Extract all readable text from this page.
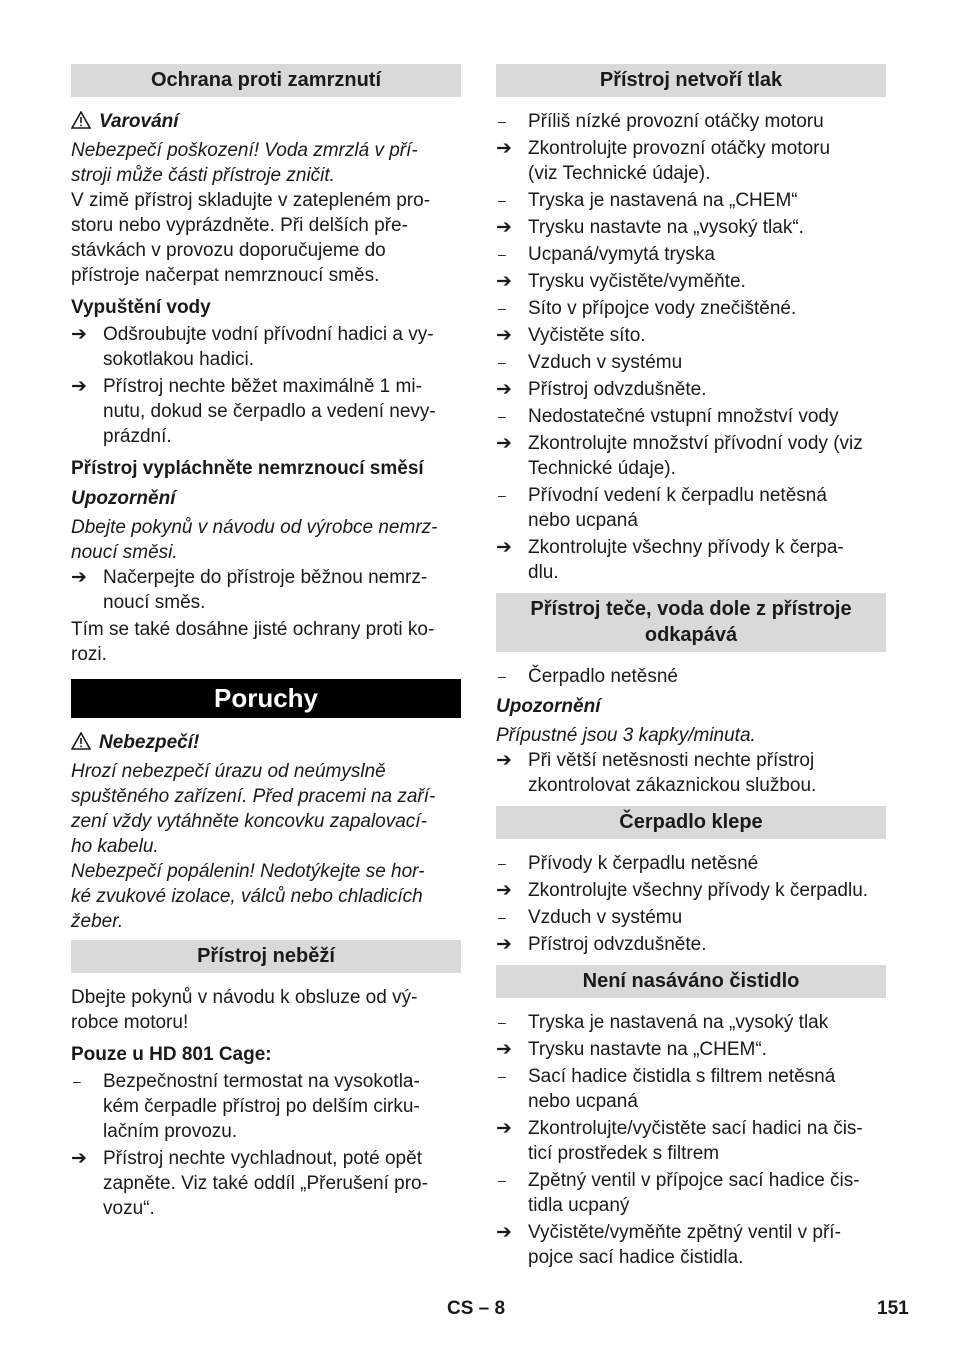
Ochrana proti zamrznutí
Varování
Nebezpečí poškození! Voda zmrzlá v pří-
stroji může části přístroje zničit.
V zimě přístroj skladujte v zatepleném pro-
storu nebo vyprázdněte. Při delších pře-
stávkách v provozu doporučujeme do
přístroje načerpat nemrznoucí směs.
Vypuštění vody
➔ Odšroubujte vodní přívodní hadici a vy-
sokotlakou hadici.
➔ Přístroj nechte běžet maximálně 1 mi-
nutu, dokud se čerpadlo a vedení nevy-
prázdní.
Přístroj vypláchněte nemrznoucí směsí
Upozornění
Dbejte pokynů v návodu od výrobce nemrz-
noucí směsi.
➔ Načerpejte do přístroje běžnou nemrz-
noucí směs.
Tím se také dosáhne jisté ochrany proti ko-
rozi.
Poruchy
Nebezpečí!
Hrozí nebezpečí úrazu od neúmyslně
spuštěného zařízení. Před pracemi na zaří-
zení vždy vytáhněte koncovku zapalovací-
ho kabelu.
Nebezpečí popálenin! Nedotýkejte se hor-
ké zvukové izolace, válců nebo chladicích
žeber.
Přístroj neběží
Dbejte pokynů v návodu k obsluze od vý-
robce motoru!
Pouze u HD 801 Cage:
–	Bezpečnostní termostat na vysokotla-
kém čerpadle přístroj po delším cirku-
lačním provozu.
➔ Přístroj nechte vychladnout, poté opět
zapněte. Viz také oddíl „Přerušení pro-
vozu“.
Přístroj netvoří tlak
–	Příliš nízké provozní otáčky motoru
➔ Zkontrolujte provozní otáčky motoru
(viz Technické údaje).
–	Tryska je nastavená na „CHEM“
➔ Trysku nastavte na „vysoký tlak“.
–	Ucpaná/vymytá tryska
➔ Trysku vyčistěte/vyměňte.
–	Síto v přípojce vody znečištěné.
➔ Vyčistěte síto.
–	Vzduch v systému
➔ Přístroj odvzdušněte.
–	Nedostatečné vstupní množství vody
➔ Zkontrolujte množství přívodní vody (viz
Technické údaje).
–	Přívodní vedení k čerpadlu netěsná
nebo ucpaná
➔ Zkontrolujte všechny přívody k čerpa-
dlu.
Přístroj teče, voda dole z přístroje
odkapává
–	Čerpadlo netěsné
Upozornění
Přípustné jsou 3 kapky/minuta.
➔ Při větší netěsnosti nechte přístroj
zkontrolovat zákaznickou službou.
Čerpadlo klepe
–	Přívody k čerpadlu netěsné
➔ Zkontrolujte všechny přívody k čerpadlu.
–	Vzduch v systému
➔ Přístroj odvzdušněte.
Není nasáváno čistidlo
–	Tryska je nastavená na „vysoký tlak
➔ Trysku nastavte na „CHEM“.
–	Sací hadice čistidla s filtrem netěsná
nebo ucpaná
➔ Zkontrolujte/vyčistěte sací hadici na čis-
ticí prostředek s filtrem
–	Zpětný ventil v přípojce sací hadice čis-
tidla ucpaný
➔ Vyčistěte/vyměňte zpětný ventil v pří-
pojce sací hadice čistidla.
CS – 8	151
